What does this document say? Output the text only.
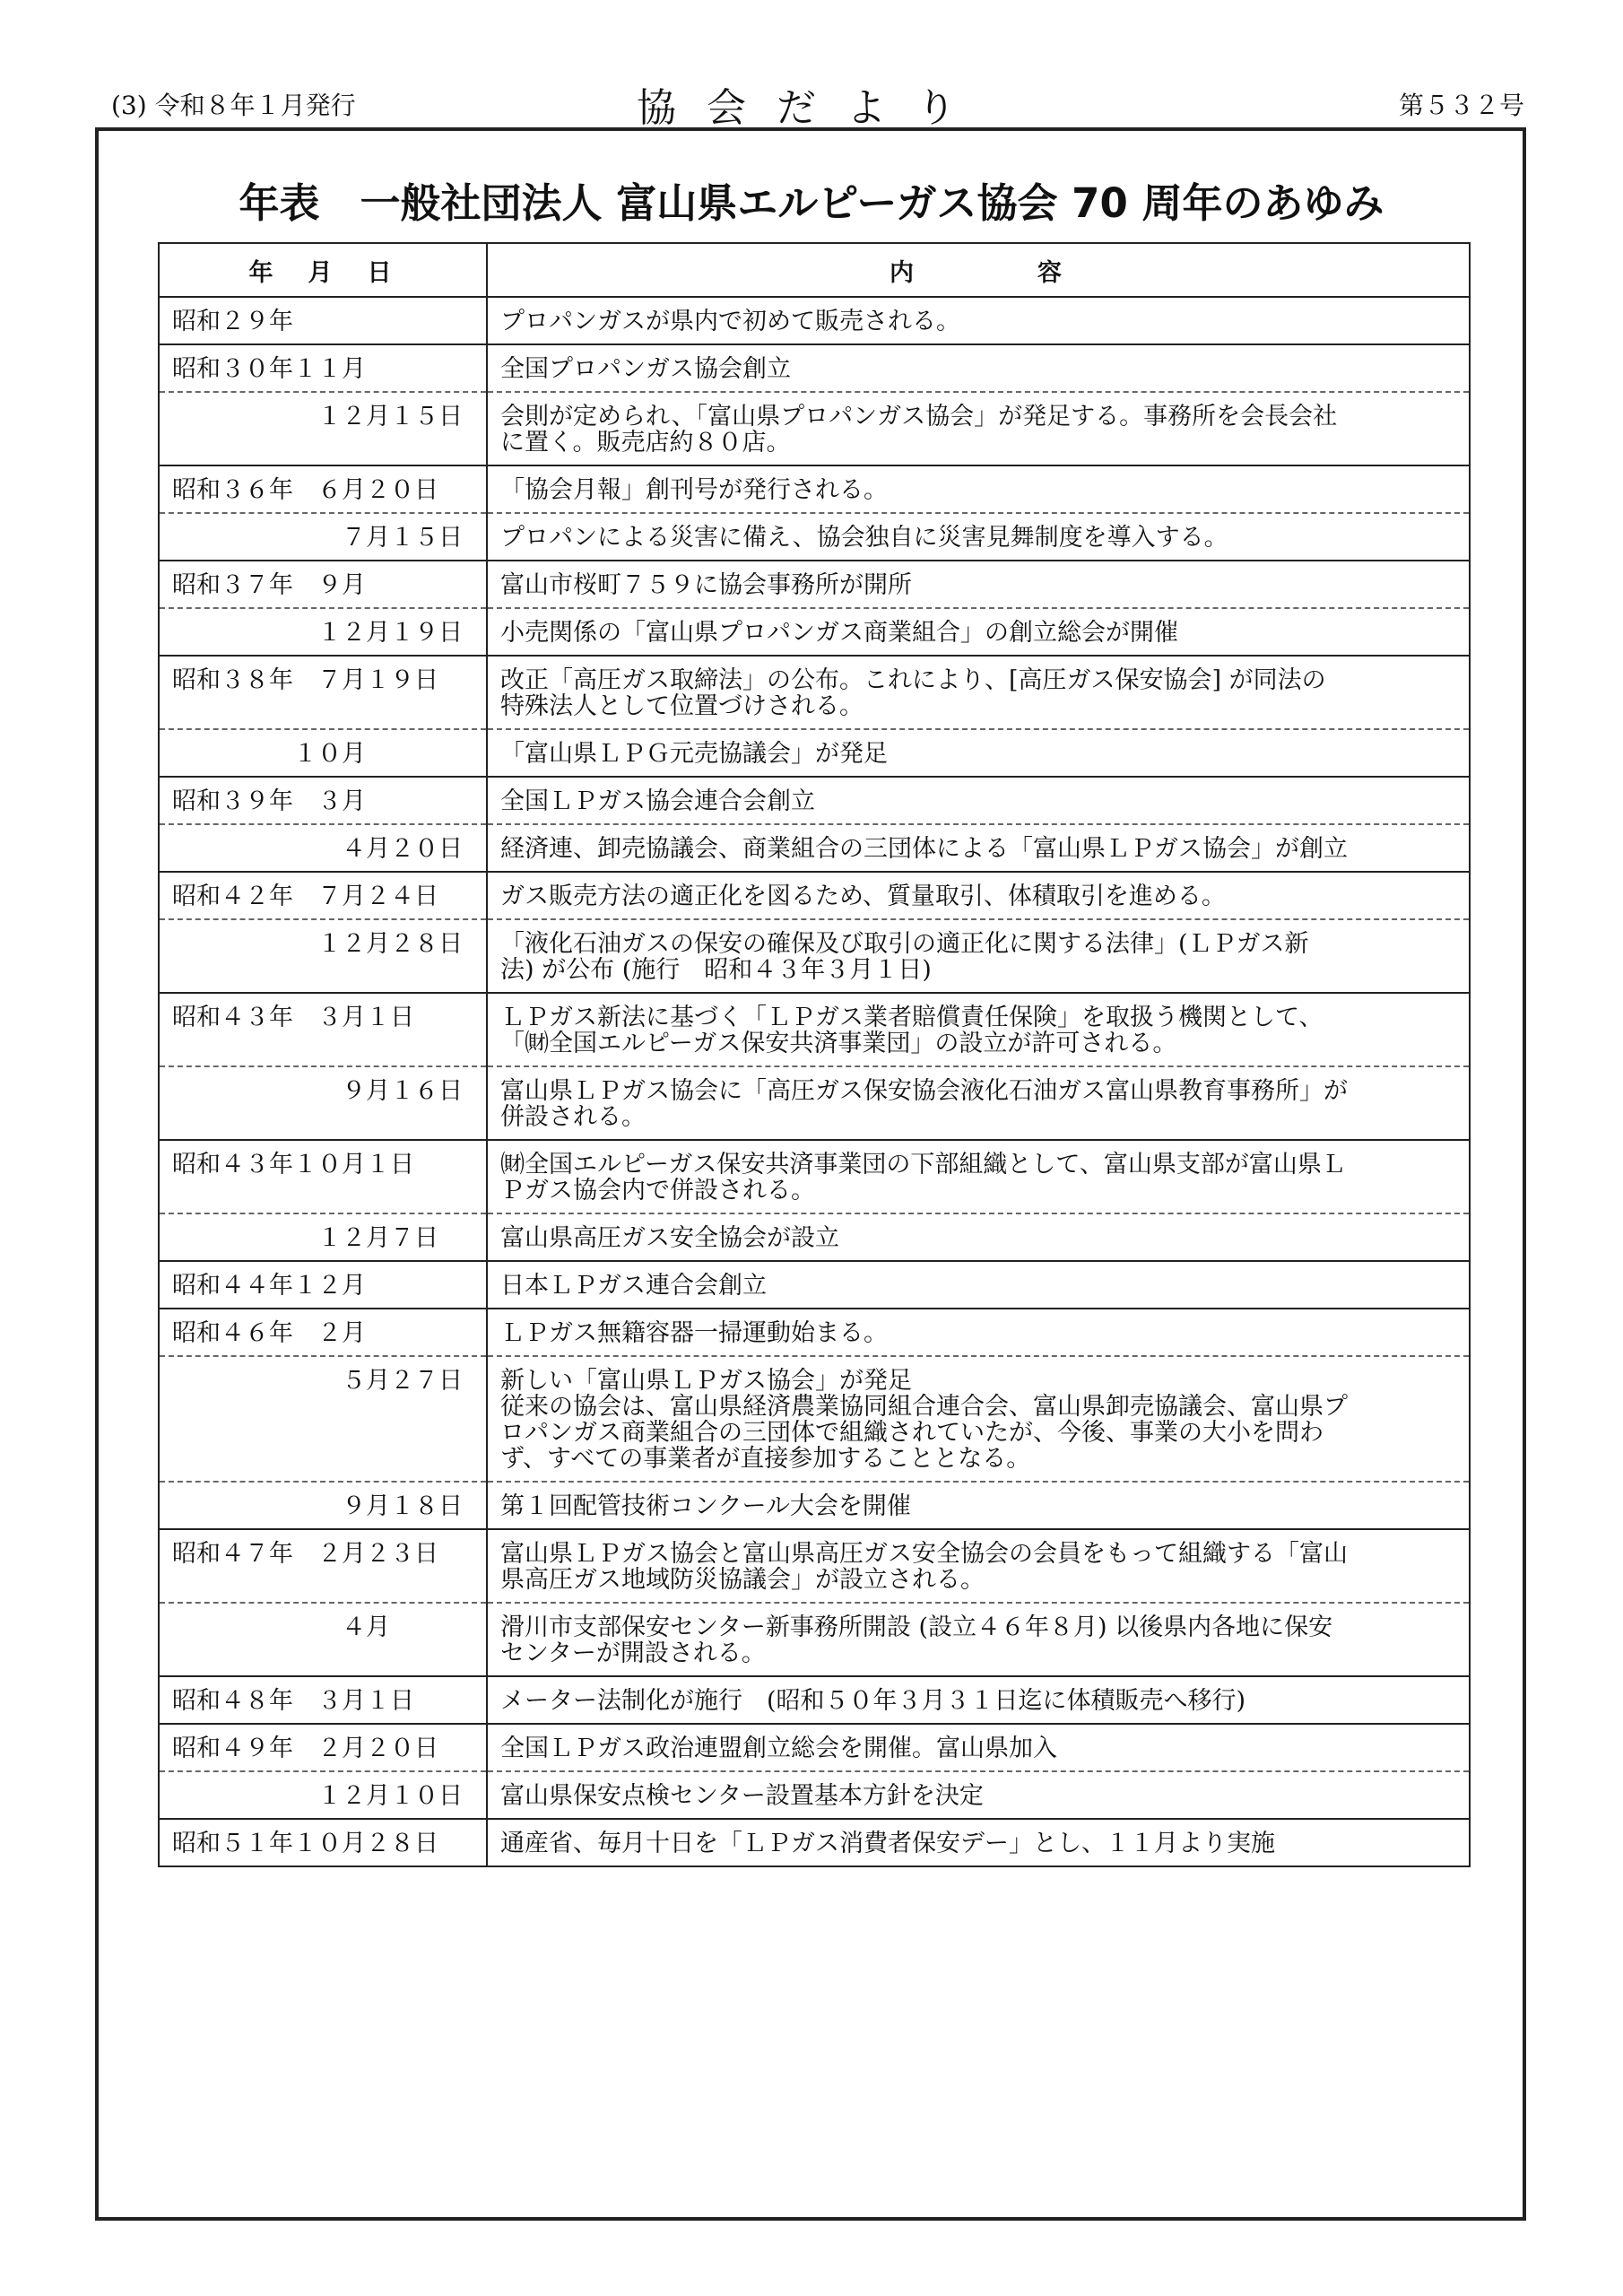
(3) 令和８年１月発行	協会だより	第５３２号
年表　一般社団法人 富山県エルピーガス協会 70 周年のあゆみ
年　月　日	内　　　　容
昭和２９年	プロパンガスが県内で初めて販売される。

昭和３０年１１月	全国プロパンガス協会創立

　　　　　　１２月１５日	会則が定められ、「富山県プロパンガス協会」が発足する。事務所を会長会社
に置く。販売店約８０店。

昭和３６年　６月２０日	「協会月報」創刊号が発行される。

　　　　　　　７月１５日	プロパンによる災害に備え、協会独自に災害見舞制度を導入する。

昭和３７年　９月	富山市桜町７５９に協会事務所が開所

　　　　　　１２月１９日	小売関係の「富山県プロパンガス商業組合」の創立総会が開催

昭和３８年　７月１９日	改正「高圧ガス取締法」の公布。これにより、[高圧ガス保安協会] が同法の
特殊法人として位置づけされる。

　　　　　１０月	「富山県ＬＰＧ元売協議会」が発足

昭和３９年　３月	全国ＬＰガス協会連合会創立

　　　　　　　４月２０日	経済連、卸売協議会、商業組合の三団体による「富山県ＬＰガス協会」が創立

昭和４２年　７月２４日	ガス販売方法の適正化を図るため、質量取引、体積取引を進める。

　　　　　　１２月２８日	「液化石油ガスの保安の確保及び取引の適正化に関する法律」(ＬＰガス新
法) が公布 (施行　昭和４３年３月１日)

昭和４３年　３月１日	ＬＰガス新法に基づく「ＬＰガス業者賠償責任保険」を取扱う機関として、
「㈶全国エルピーガス保安共済事業団」の設立が許可される。

　　　　　　　９月１６日	富山県ＬＰガス協会に「高圧ガス保安協会液化石油ガス富山県教育事務所」が
併設される。

昭和４３年１０月１日	㈶全国エルピーガス保安共済事業団の下部組織として、富山県支部が富山県Ｌ
Ｐガス協会内で併設される。

　　　　　　１２月７日	富山県高圧ガス安全協会が設立

昭和４４年１２月	日本ＬＰガス連合会創立

昭和４６年　２月	ＬＰガス無籍容器一掃運動始まる。

　　　　　　　５月２７日	新しい「富山県ＬＰガス協会」が発足
従来の協会は、富山県経済農業協同組合連合会、富山県卸売協議会、富山県プ
ロパンガス商業組合の三団体で組織されていたが、今後、事業の大小を問わ
ず、すべての事業者が直接参加することとなる。

　　　　　　　９月１８日	第１回配管技術コンクール大会を開催

昭和４７年　２月２３日	富山県ＬＰガス協会と富山県高圧ガス安全協会の会員をもって組織する「富山
県高圧ガス地域防災協議会」が設立される。

　　　　　　　４月	滑川市支部保安センター新事務所開設 (設立４６年８月) 以後県内各地に保安
センターが開設される。

昭和４８年　３月１日	メーター法制化が施行　(昭和５０年３月３１日迄に体積販売へ移行)

昭和４９年　２月２０日	全国ＬＰガス政治連盟創立総会を開催。富山県加入

　　　　　　１２月１０日	富山県保安点検センター設置基本方針を決定

昭和５１年１０月２８日	通産省、毎月十日を「ＬＰガス消費者保安デー」とし、１１月より実施
